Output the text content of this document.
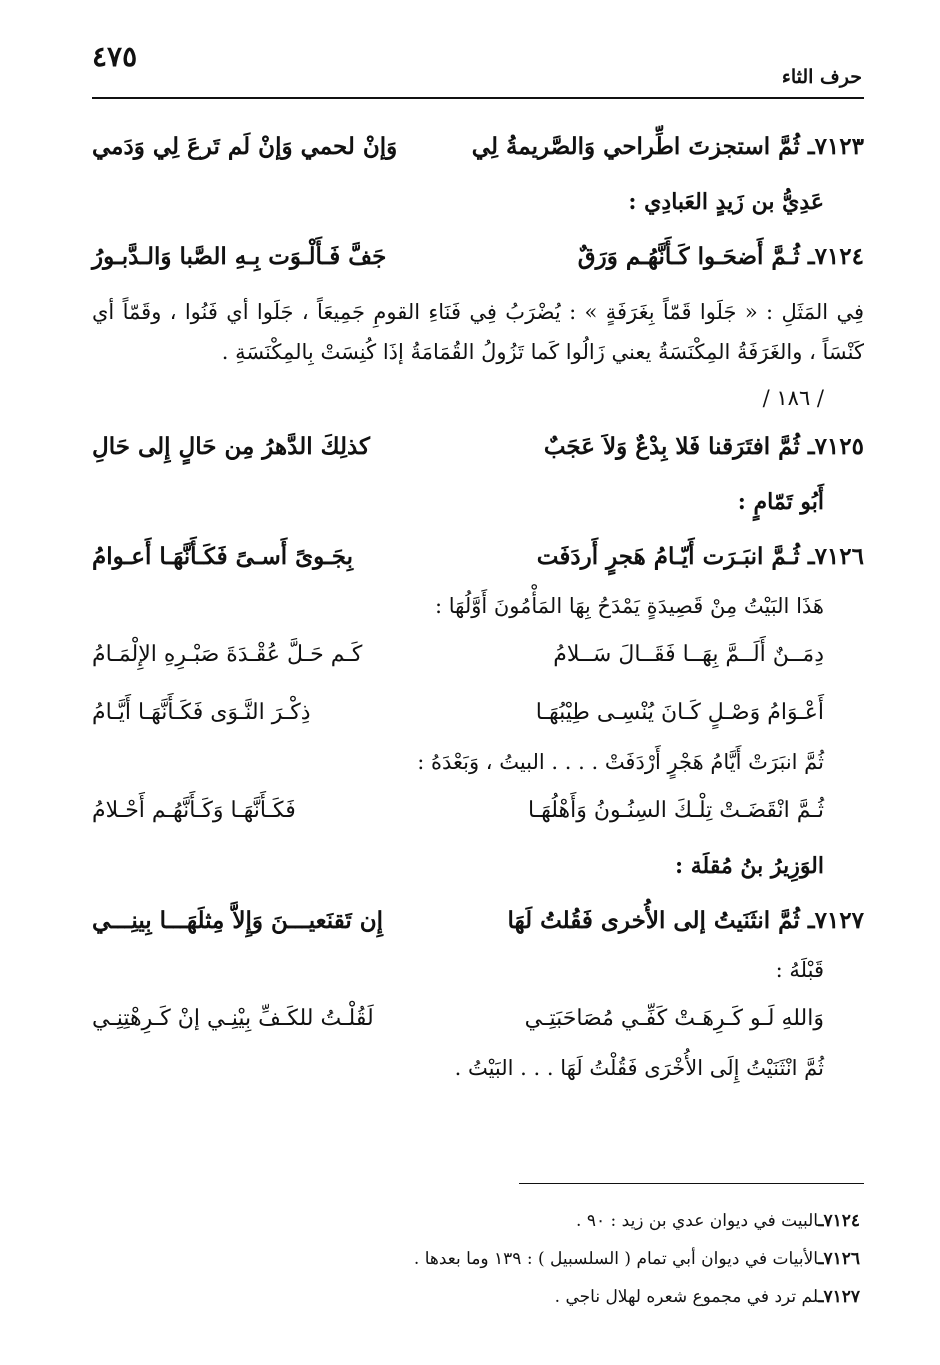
٤٧٥
حرف الثاء
٧١٢٣ـ ثُمَّ استجزتَ اطِّراحي وَالصَّريمةُ لِي
وَإنْ لحمي وَإنْ لَم تَرعَ لِي وَدَمي
عَدِيُّ بن زَيدٍ العَبادِي :
٧١٢٤ـ ثُـمَّ أَضحَـوا كَـأَنَّهُـم وَرَقٌ
جَفَّ فَـأَلْـوَت بِـهِ الصَّبا وَالـدَّبـورُ
فِي المَثَلِ : « جَلَوا قَمّاً بِغَرَفَةٍ » : يُضْرَبُ فِي فَنَاءِ القومِ جَمِيعَاً ، جَلَوا أي فَنُوا ، وقَمّاً أي كَنْسَاً ، والغَرَفَةُ المِكْنَسَةُ يعني زَالُوا كَما تَزُولُ القُمَامَةُ إذَا كُنِسَتْ بِالمِكْنَسَةِ .
/ ١٨٦ /
٧١٢٥ـ ثُمَّ افتَرَقنا فَلا بِدْعٌ وَلاَ عَجَبٌ
كذلِكَ الدَّهرُ مِن حَالٍ إِلى حَالِ
أَبُو تَمّامٍ :
٧١٢٦ـ ثُـمَّ انبَـرَت أَيّـامُ هَجرٍ أَردَفَت
بِجَـوىً أَسـىً فَكَـأَنَّهَـا أَعـوامُ
هَذَا البَيْتُ مِنْ قَصِيدَةٍ يَمْدَحُ بِهَا المَأْمُونَ أَوَّلُهَا :
دِمَــنٌ أَلَــمَّ بِهَــا فَقَــالَ سَــلامُ
كَـم حَـلَّ عُقْـدَةَ صَبْـرِهِ الإِلْمَـامُ
أَعْـوَامُ وَصْـلٍ كَـانَ يُنْسِـى طِيْبُهَـا
ذِكْـرَ النَّـوَى فَكَـأَنَّهَـا أَيَّـامُ
ثُمَّ انبَرَتْ أَيَّامُ هَجْرٍ أَرْدَفَتْ . . . . البيتُ ، وَبَعْدَهُ :
ثُـمَّ انْقَضَـتْ تِلْـكَ السِنُـونُ وَأَهْلُهَـا
فَكَـأَنَّهَـا وَكَـأَنَّهُـم أَحْـلامُ
الوَزِيرُ بنُ مُقلَة :
٧١٢٧ـ ثُمَّ انثَنَيتُ إلى الأُخرى فَقُلتُ لَهَا
إِن تَقنَعيـــنَ وَإِلاَّ مِثلَهَـــا بِينِـــي
قَبْلَهُ :
وَاللهِ لَـو كَـرِهَـتْ كَفِّـي مُصَاحَبَتِـي
لَقُلْـتُ للكَـفِّ بِيْنِـي إنْ كَـرِهْتِنِـي
ثُمَّ انْثَنَيْتُ إِلَى الأُخْرَى فَقُلْتُ لَهَا . . . البَيْتُ .
٧١٢٤ـالبيت في ديوان عدي بن زيد : ٩٠ .
٧١٢٦ـالأبيات في ديوان أبي تمام ( السلسبيل ) : ١٣٩ وما بعدها .
٧١٢٧ـلم ترد في مجموع شعره لهلال ناجي .
